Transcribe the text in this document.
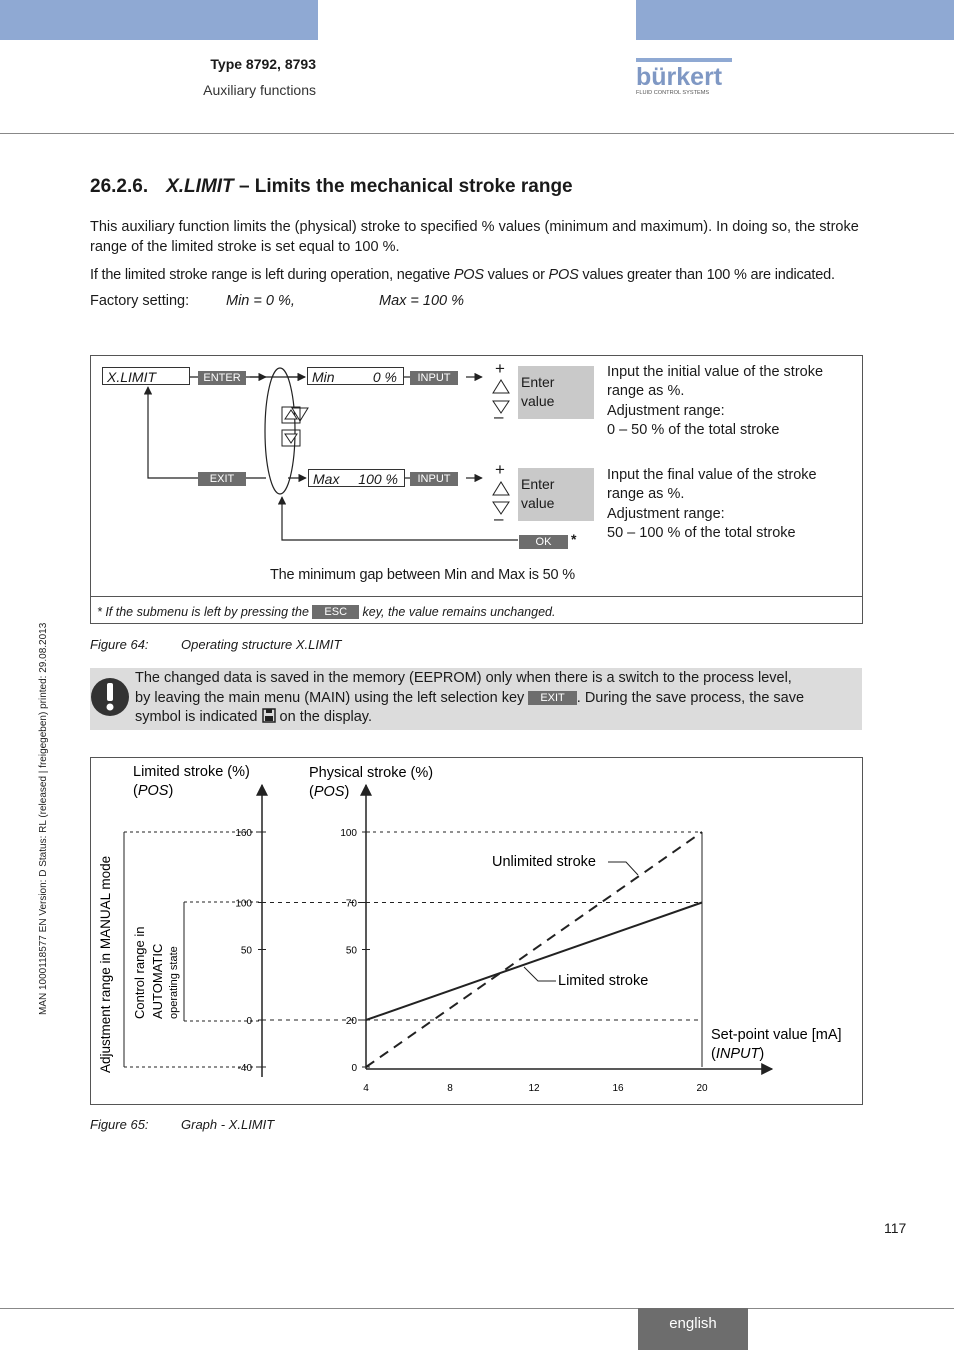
Type 8792, 8793
Auxiliary functions	bürkert
FLUID CONTROL SYSTEMS
MAN 1000118577 EN Version: D Status: RL (released | freigegeben) printed: 29.08.2013
26.2.6. X.LIMIT – Limits the mechanical stroke range
This auxiliary function limits the (physical) stroke to specified % values (minimum and maximum). In doing so, the stroke range of the limited stroke is set equal to 100 %.
If the limited stroke range is left during operation, negative POS values or POS values greater than 100 % are indicated.
Factory setting:	Min = 0 %,	Max = 100 %
X.LIMIT	ENTER
EXIT
Min	0 %
Max 100 %
INPUT
INPUT
OK	*
+
–
+
–
Enter
value
Enter
value
Input the initial value of the stroke
range as %.
Adjustment range:
0 – 50 % of the total stroke
Input the final value of the stroke
range as %.
Adjustment range:
50 – 100 % of the total stroke
The minimum gap between Min and Max is 50 %
* If the submenu is left by pressing the ESC key, the value remains unchanged.
Figure 64: Operating structure X.LIMIT
The changed data is saved in the memory (EEPROM) only when there is a switch to the process level,
by leaving the main menu (MAIN) using the left selection key EXIT . During the save process, the save
symbol is indicated  on the display.
100
70
50
20
0
160
100
50
0
-40
4	8	12	16	20
Limited stroke (%)
(POS)
Physical stroke (%)
(POS)
Set-point value [mA]
(INPUT)
Adjustment range in MANUAL mode Control range in AUTOMATIC operating state
Unlimited stroke
Limited stroke
Figure 65: Graph - X.LIMIT
117
english
